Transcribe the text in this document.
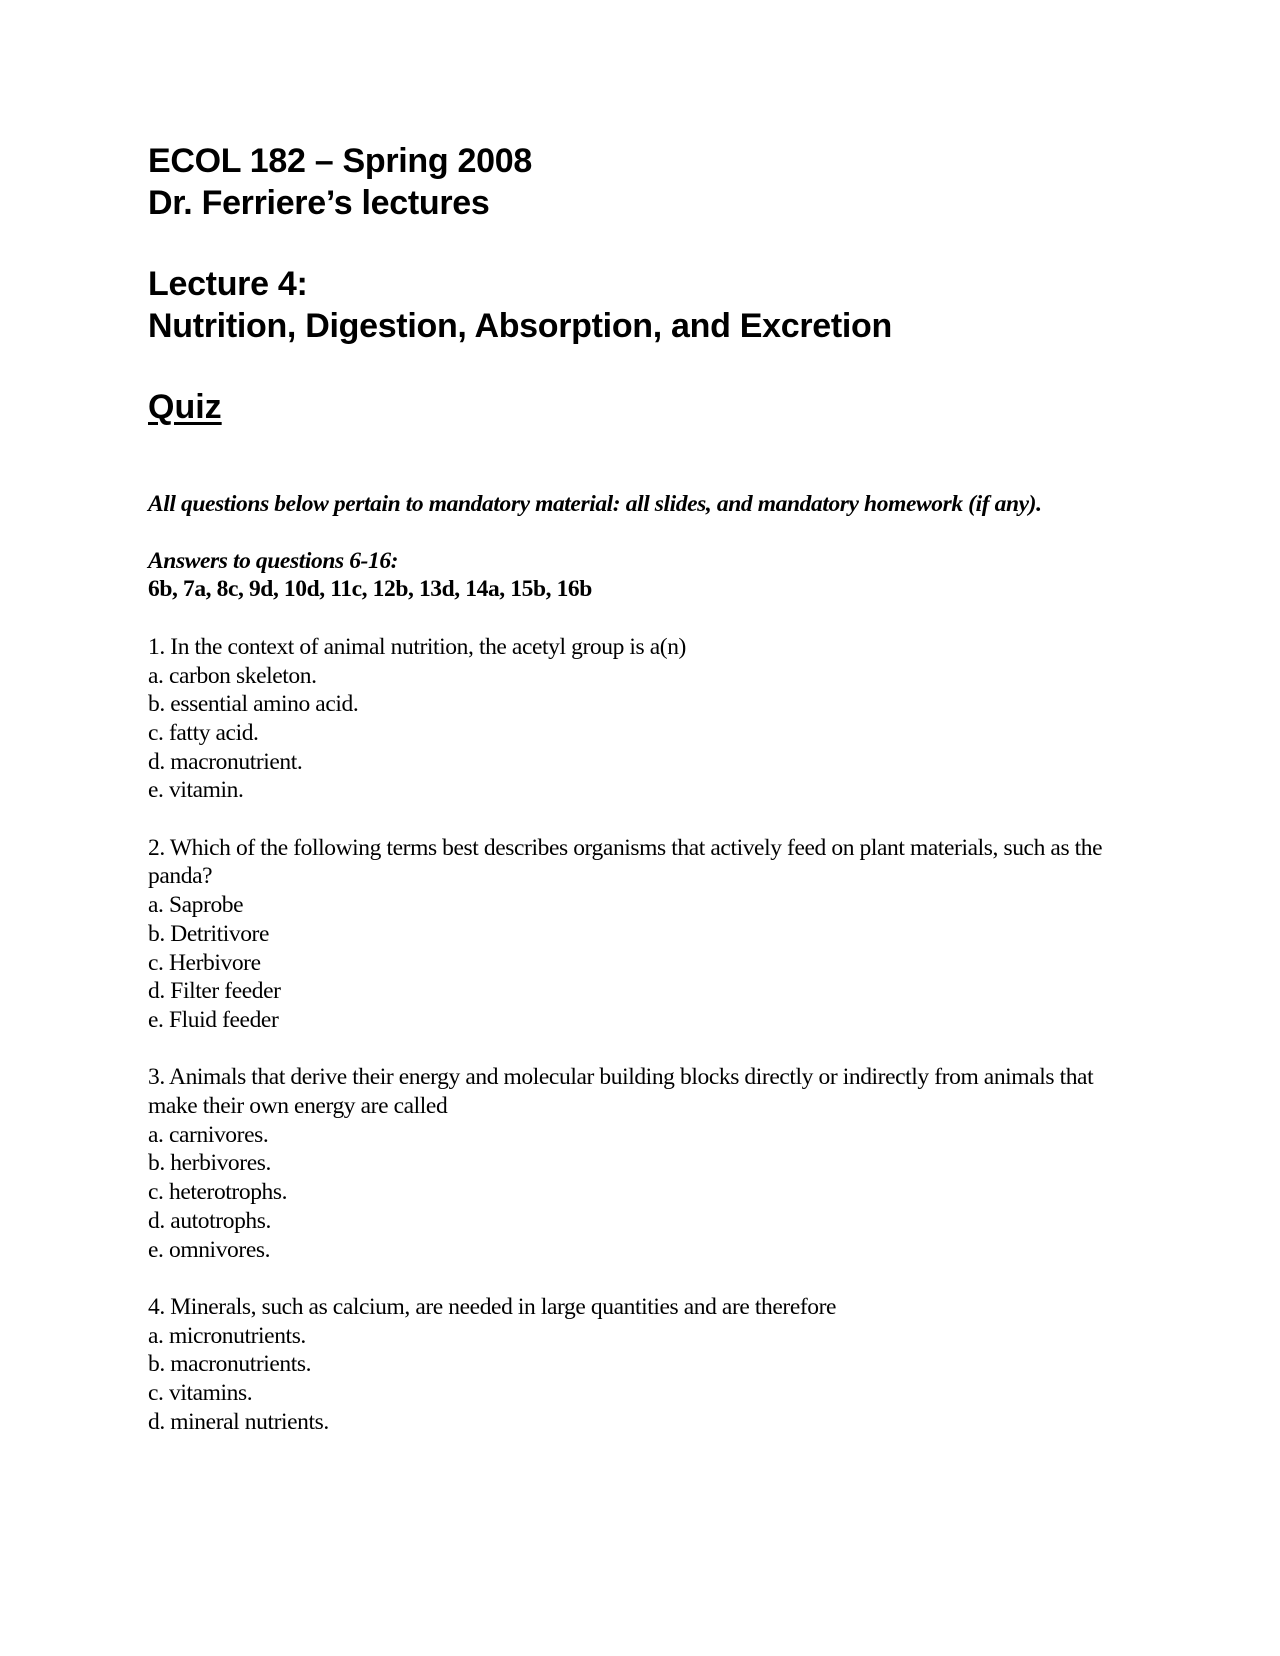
ECOL 182 – Spring 2008

Dr. Ferriere’s lectures

Lecture 4:

Nutrition, Digestion, Absorption, and Excretion

Quiz

All questions below pertain to mandatory material: all slides, and mandatory homework (if any).

Answers to questions 6-16:

6b, 7a, 8c, 9d, 10d, 11c, 12b, 13d, 14a, 15b, 16b

1. In the context of animal nutrition, the acetyl group is a(n)

a. carbon skeleton.

b. essential amino acid.

c. fatty acid.

d. macronutrient.

e. vitamin.

2. Which of the following terms best describes organisms that actively feed on plant materials, such as the panda?

a. Saprobe

b. Detritivore

c. Herbivore

d. Filter feeder

e. Fluid feeder

3. Animals that derive their energy and molecular building blocks directly or indirectly from animals that make their own energy are called

a. carnivores.

b. herbivores.

c. heterotrophs.

d. autotrophs.

e. omnivores.

4. Minerals, such as calcium, are needed in large quantities and are therefore

a. micronutrients.

b. macronutrients.

c. vitamins.

d. mineral nutrients.
